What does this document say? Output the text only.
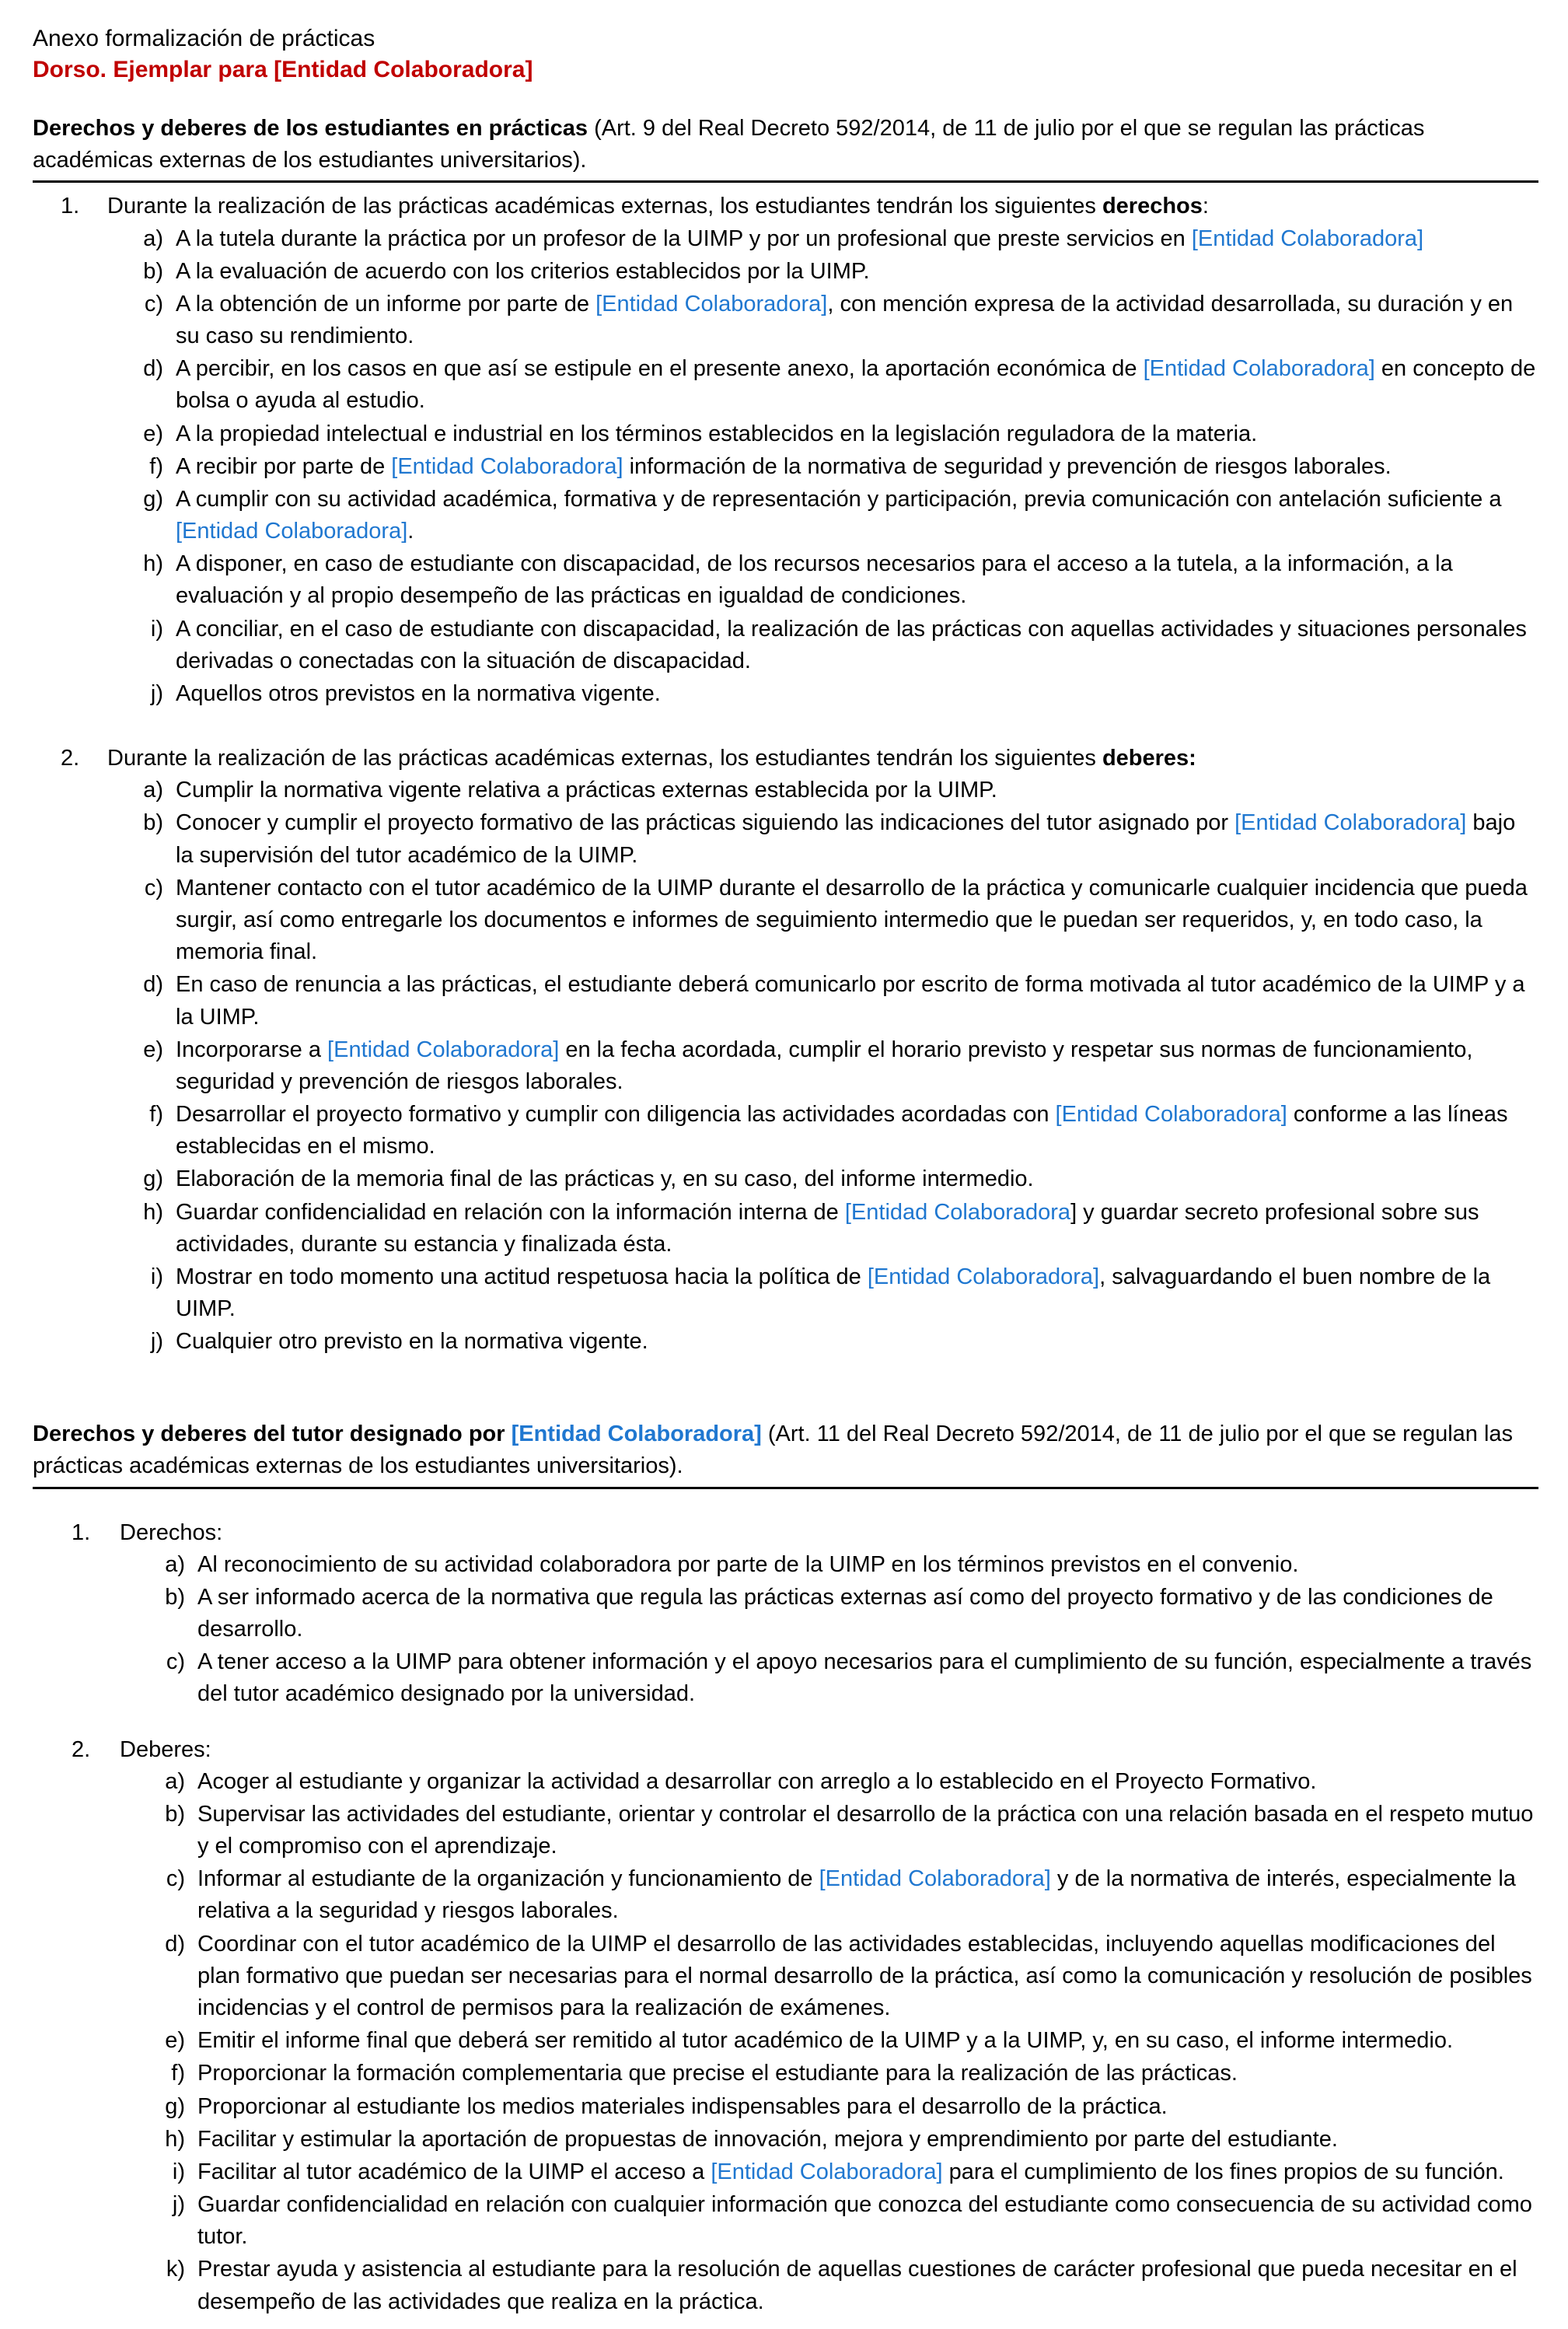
Anexo formalización de prácticas
Dorso. Ejemplar para [Entidad Colaboradora]
Derechos y deberes de los estudiantes en prácticas (Art. 9 del Real Decreto 592/2014, de 11 de julio por el que se regulan las prácticas académicas externas de los estudiantes universitarios).
1. Durante la realización de las prácticas académicas externas, los estudiantes tendrán los siguientes derechos:
a) A la tutela durante la práctica por un profesor de la UIMP y por un profesional que preste servicios en [Entidad Colaboradora]
b) A la evaluación de acuerdo con los criterios establecidos por la UIMP.
c) A la obtención de un informe por parte de [Entidad Colaboradora], con mención expresa de la actividad desarrollada, su duración y en su caso su rendimiento.
d) A percibir, en los casos en que así se estipule en el presente anexo, la aportación económica de [Entidad Colaboradora] en concepto de bolsa o ayuda al estudio.
e) A la propiedad intelectual e industrial en los términos establecidos en la legislación reguladora de la materia.
f) A recibir por parte de [Entidad Colaboradora] información de la normativa de seguridad y prevención de riesgos laborales.
g) A cumplir con su actividad académica, formativa y de representación y participación, previa comunicación con antelación suficiente a [Entidad Colaboradora].
h) A disponer, en caso de estudiante con discapacidad, de los recursos necesarios para el acceso a la tutela, a la información, a la evaluación y al propio desempeño de las prácticas en igualdad de condiciones.
i) A conciliar, en el caso de estudiante con discapacidad, la realización de las prácticas con aquellas actividades y situaciones personales derivadas o conectadas con la situación de discapacidad.
j) Aquellos otros previstos en la normativa vigente.
2. Durante la realización de las prácticas académicas externas, los estudiantes tendrán los siguientes deberes:
a) Cumplir la normativa vigente relativa a prácticas externas establecida por la UIMP.
b) Conocer y cumplir el proyecto formativo de las prácticas siguiendo las indicaciones del tutor asignado por [Entidad Colaboradora] bajo la supervisión del tutor académico de la UIMP.
c) Mantener contacto con el tutor académico de la UIMP durante el desarrollo de la práctica y comunicarle cualquier incidencia que pueda surgir, así como entregarle los documentos e informes de seguimiento intermedio que le puedan ser requeridos, y, en todo caso, la memoria final.
d) En caso de renuncia a las prácticas, el estudiante deberá comunicarlo por escrito de forma motivada al tutor académico de la UIMP y a la UIMP.
e) Incorporarse a [Entidad Colaboradora] en la fecha acordada, cumplir el horario previsto y respetar sus normas de funcionamiento, seguridad y prevención de riesgos laborales.
f) Desarrollar el proyecto formativo y cumplir con diligencia las actividades acordadas con [Entidad Colaboradora] conforme a las líneas establecidas en el mismo.
g) Elaboración de la memoria final de las prácticas y, en su caso, del informe intermedio.
h) Guardar confidencialidad en relación con la información interna de [Entidad Colaboradora] y guardar secreto profesional sobre sus actividades, durante su estancia y finalizada ésta.
i) Mostrar en todo momento una actitud respetuosa hacia la política de [Entidad Colaboradora], salvaguardando el buen nombre de la UIMP.
j) Cualquier otro previsto en la normativa vigente.
Derechos y deberes del tutor designado por [Entidad Colaboradora] (Art. 11 del Real Decreto 592/2014, de 11 de julio por el que se regulan las prácticas académicas externas de los estudiantes universitarios).
1. Derechos:
a) Al reconocimiento de su actividad colaboradora por parte de la UIMP en los términos previstos en el convenio.
b) A ser informado acerca de la normativa que regula las prácticas externas así como del proyecto formativo y de las condiciones de desarrollo.
c) A tener acceso a la UIMP para obtener información y el apoyo necesarios para el cumplimiento de su función, especialmente a través del tutor académico designado por la universidad.
2. Deberes:
a) Acoger al estudiante y organizar la actividad a desarrollar con arreglo a lo establecido en el Proyecto Formativo.
b) Supervisar las actividades del estudiante, orientar y controlar el desarrollo de la práctica con una relación basada en el respeto mutuo y el compromiso con el aprendizaje.
c) Informar al estudiante de la organización y funcionamiento de [Entidad Colaboradora] y de la normativa de interés, especialmente la relativa a la seguridad y riesgos laborales.
d) Coordinar con el tutor académico de la UIMP el desarrollo de las actividades establecidas, incluyendo aquellas modificaciones del plan formativo que puedan ser necesarias para el normal desarrollo de la práctica, así como la comunicación y resolución de posibles incidencias y el control de permisos para la realización de exámenes.
e) Emitir el informe final que deberá ser remitido al tutor académico de la UIMP y a la UIMP, y, en su caso, el informe intermedio.
f) Proporcionar la formación complementaria que precise el estudiante para la realización de las prácticas.
g) Proporcionar al estudiante los medios materiales indispensables para el desarrollo de la práctica.
h) Facilitar y estimular la aportación de propuestas de innovación, mejora y emprendimiento por parte del estudiante.
i) Facilitar al tutor académico de la UIMP el acceso a [Entidad Colaboradora] para el cumplimiento de los fines propios de su función.
j) Guardar confidencialidad en relación con cualquier información que conozca del estudiante como consecuencia de su actividad como tutor.
k) Prestar ayuda y asistencia al estudiante para la resolución de aquellas cuestiones de carácter profesional que pueda necesitar en el desempeño de las actividades que realiza en la práctica.
